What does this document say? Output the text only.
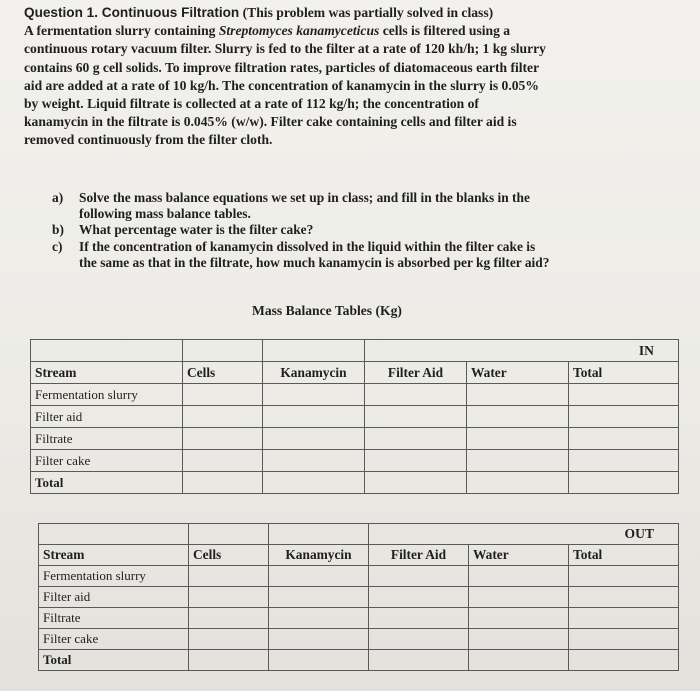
Question 1. Continuous Filtration (This problem was partially solved in class)
A fermentation slurry containing Streptomyces kanamyceticus cells is filtered using a
continuous rotary vacuum filter. Slurry is fed to the filter at a rate of 120 kh/h; 1 kg slurry
contains 60 g cell solids. To improve filtration rates, particles of diatomaceous earth filter
aid are added at a rate of 10 kg/h. The concentration of kanamycin in the slurry is 0.05%
by weight. Liquid filtrate is collected at a rate of 112 kg/h; the concentration of
kanamycin in the filtrate is 0.045% (w/w). Filter cake containing cells and filter aid is
removed continuously from the filter cloth.
a)	Solve the mass balance equations we set up in class; and fill in the blanks in the
following mass balance tables.
b)	What percentage water is the filter cake?
c)	If the concentration of kanamycin dissolved in the liquid within the filter cake is
the same as that in the filtrate, how much kanamycin is absorbed per kg filter aid?
Mass Balance Tables (Kg)
			IN		
Stream	Cells	Kanamycin	Filter Aid	Water	Total
Fermentation slurry					
Filter aid					
Filtrate					
Filter cake					
Total					
			OUT		
Stream	Cells	Kanamycin	Filter Aid	Water	Total
Fermentation slurry					
Filter aid					
Filtrate					
Filter cake					
Total					
